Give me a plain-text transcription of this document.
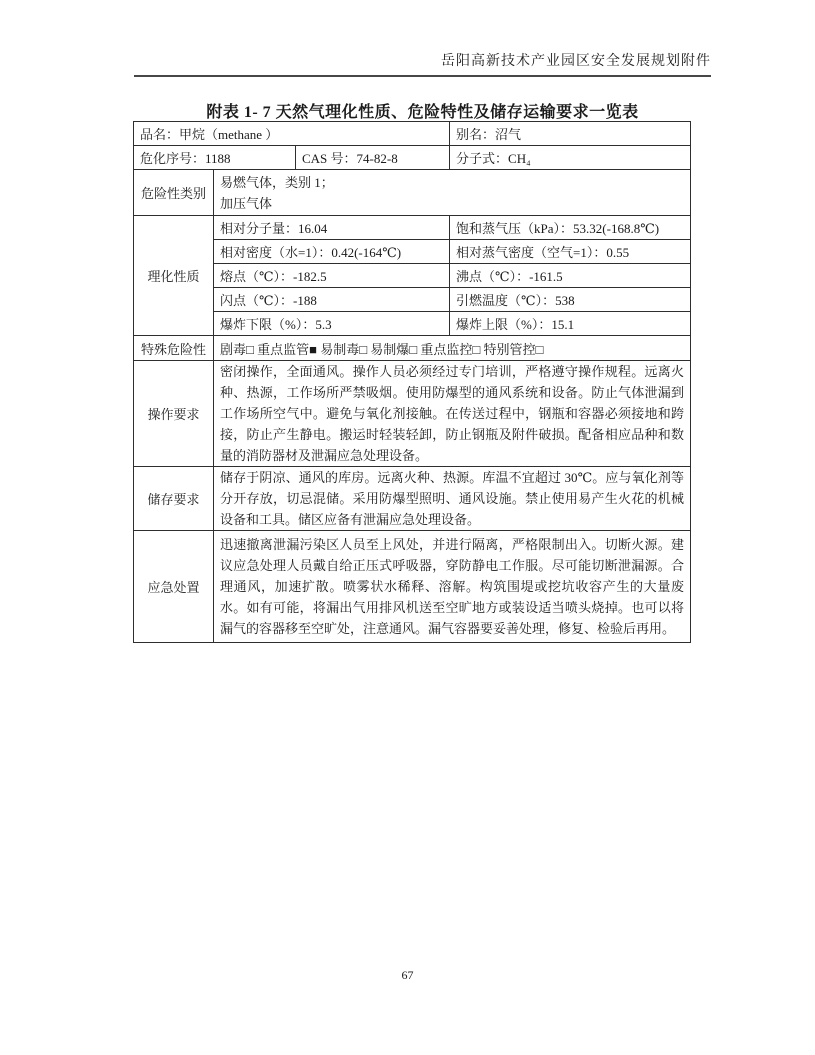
岳阳高新技术产业园区安全发展规划附件
附表 1- 7 天然气理化性质、危险特性及储存运输要求一览表
品名：甲烷（methane ）			别名：沼气
危化序号：1188		CAS 号：74-82-8	分子式：CH₄
危险性类别	易燃气体，类别 1；
加压气体		

理化性质	相对分子量：16.04		饱和蒸气压（kPa）：53.32(-168.8℃)
	相对密度（水=1）：0.42(-164℃)		相对蒸气密度（空气=1）：0.55
	熔点（℃）：-182.5		沸点（℃）：-161.5
	闪点（℃）：-188		引燃温度（℃）：538
	爆炸下限（%）：5.3		爆炸上限（%）：15.1
特殊危险性	剧毒□ 重点监管■ 易制毒□ 易制爆□ 重点监控□ 特别管控□		
操作要求	密闭操作，全面通风。操作人员必须经过专门培训，严格遵守操作规程。远离火种、热源，工作场所严禁吸烟。使用防爆型的通风系统和设备。防止气体泄漏到工作场所空气中。避免与氧化剂接触。在传送过程中，钢瓶和容器必须接地和跨接，防止产生静电。搬运时轻装轻卸，防止钢瓶及附件破损。配备相应品种和数量的消防器材及泄漏应急处理设备。		
储存要求	储存于阴凉、通风的库房。远离火种、热源。库温不宜超过 30℃。应与氧化剂等分开存放，切忌混储。采用防爆型照明、通风设施。禁止使用易产生火花的机械设备和工具。储区应备有泄漏应急处理设备。		
应急处置	迅速撤离泄漏污染区人员至上风处，并进行隔离，严格限制出入。切断火源。建议应急处理人员戴自给正压式呼吸器，穿防静电工作服。尽可能切断泄漏源。合理通风，加速扩散。喷雾状水稀释、溶解。构筑围堤或挖坑收容产生的大量废水。如有可能，将漏出气用排风机送至空旷地方或装设适当喷头烧掉。也可以将漏气的容器移至空旷处，注意通风。漏气容器要妥善处理，修复、检验后再用。		
67
